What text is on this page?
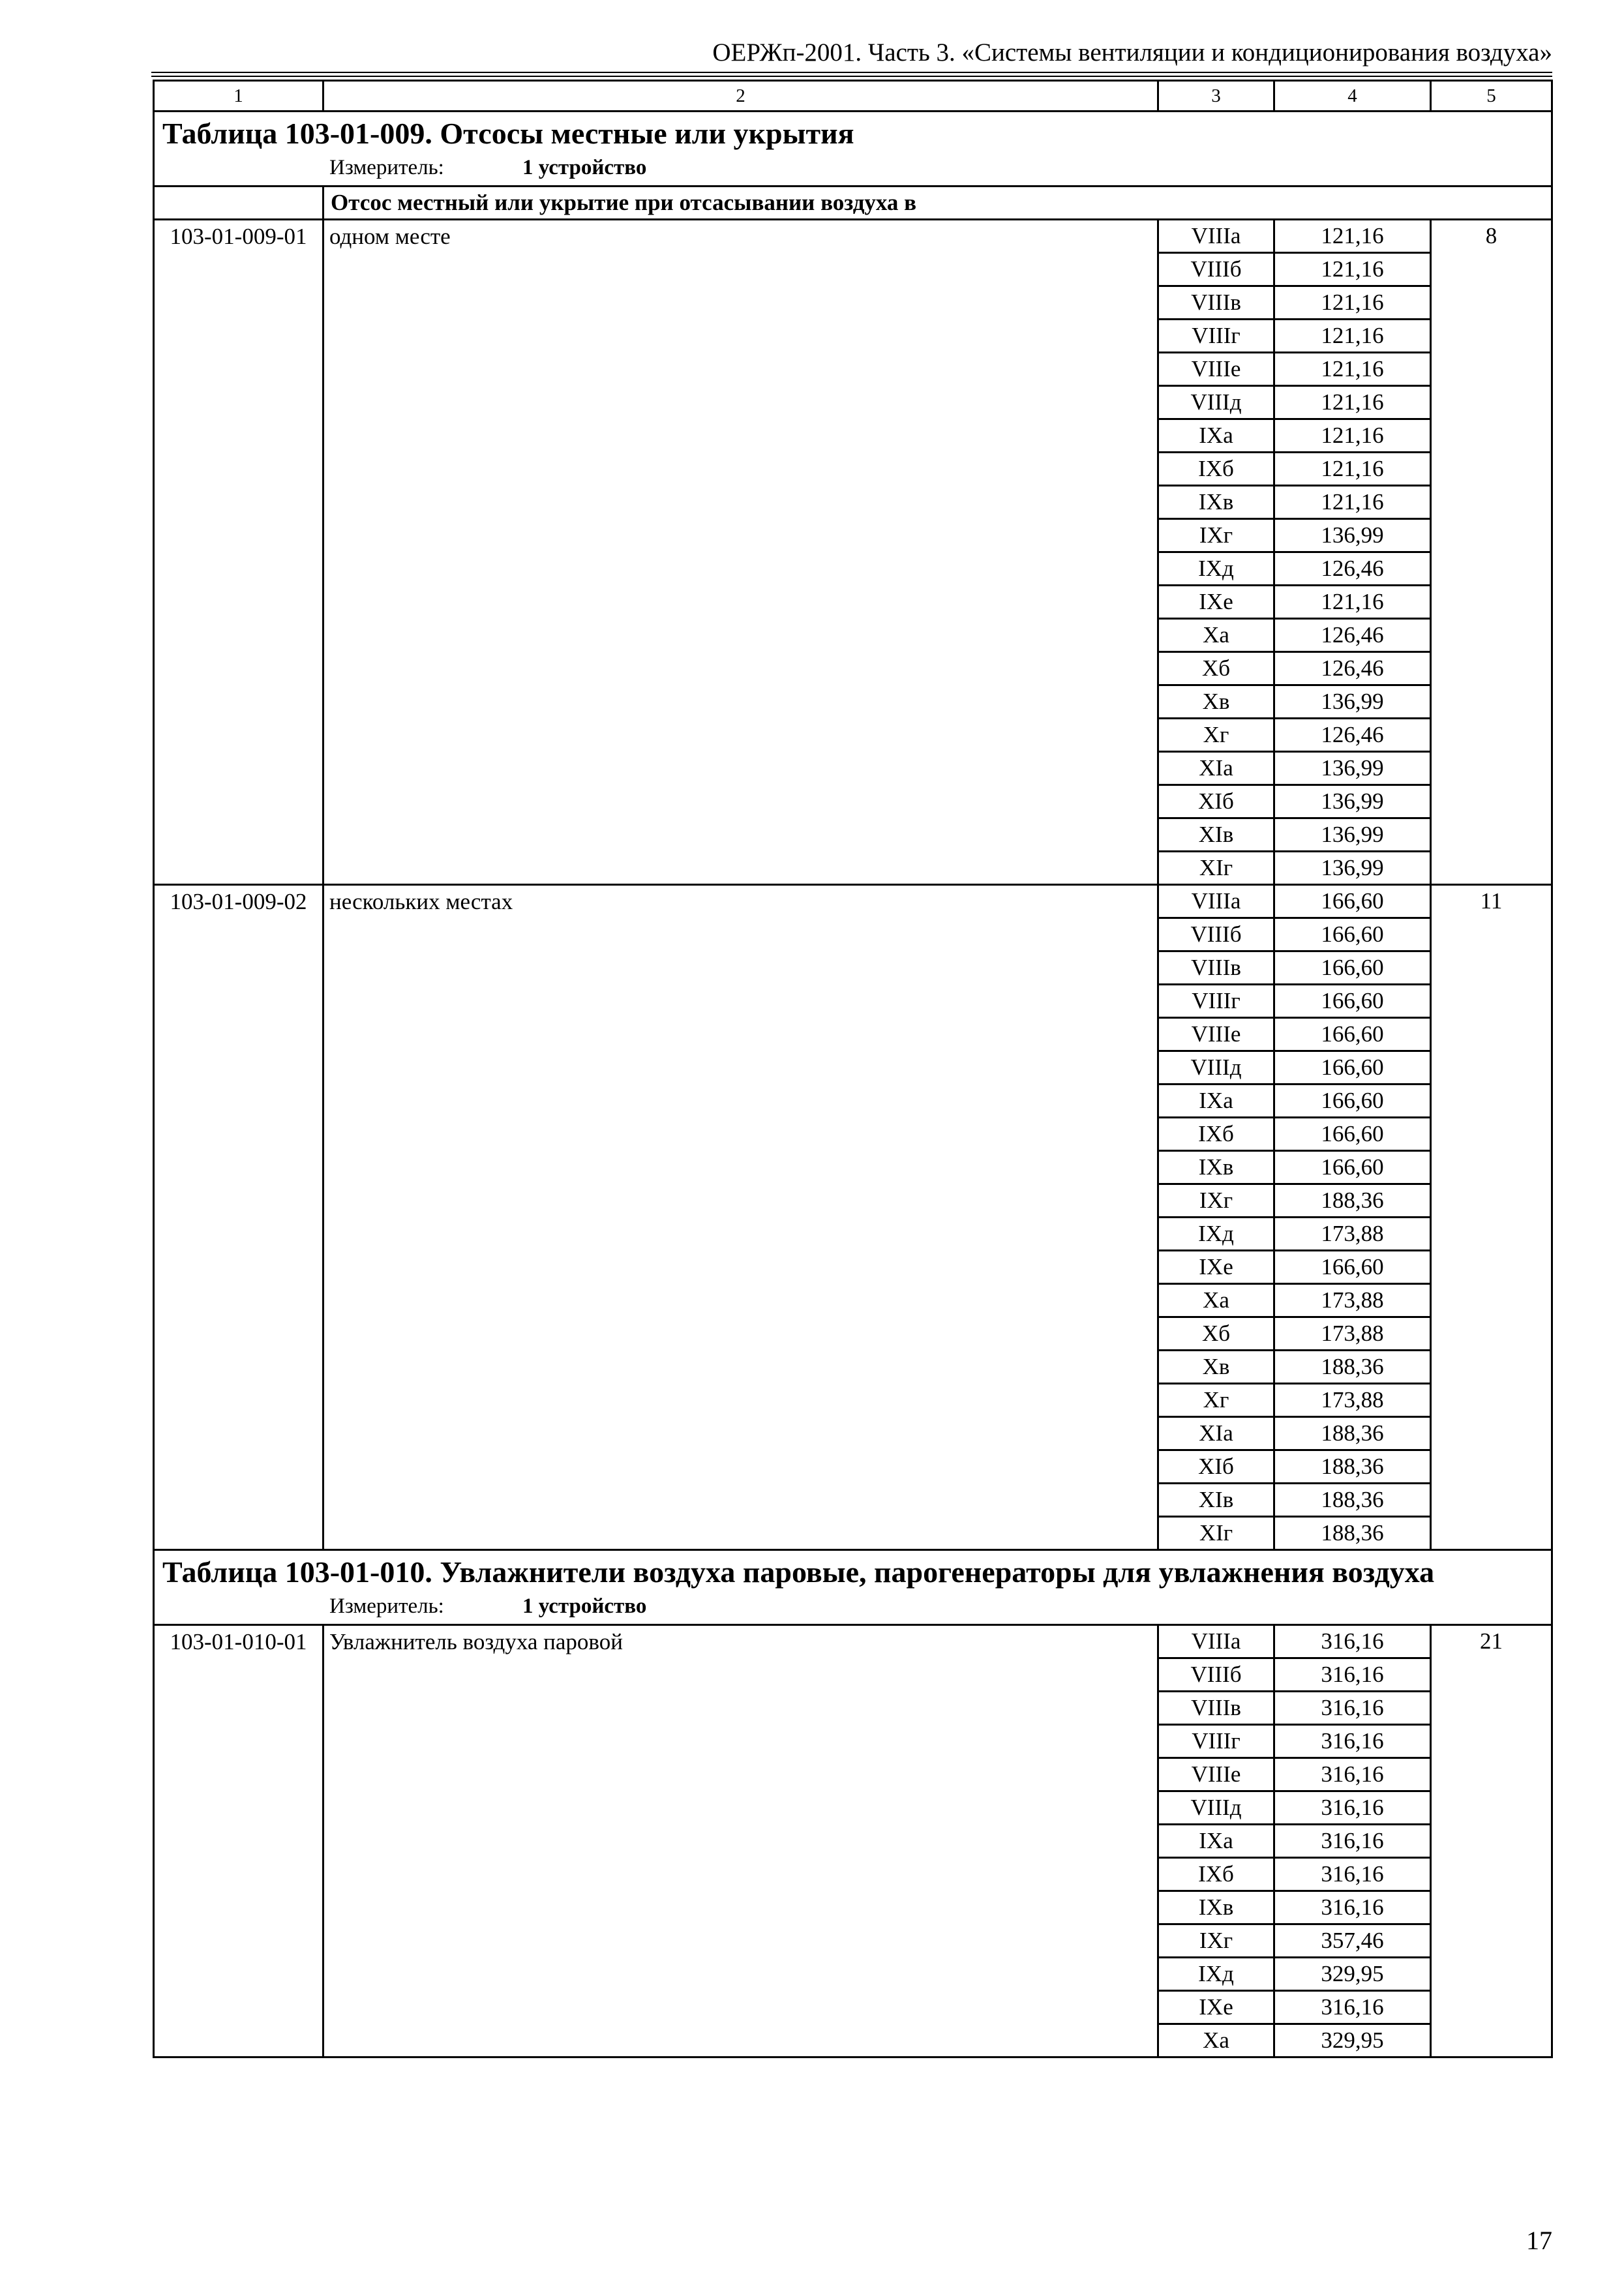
ОЕРЖп-2001. Часть 3. «Системы вентиляции и кондиционирования воздуха»
1	2	3	4	5

Таблица 103-01-009. Отсосы местные или укрытия
Измеритель: 1 устройство				

	Отсос местный или укрытие при отсасывании воздуха в			
103-01-009-01	одном месте	VIIIа	121,16	8
		VIIIб	121,16	
		VIIIв	121,16	
		VIIIг	121,16	
		VIIIе	121,16	
		VIIIд	121,16	
		IXа	121,16	
		IXб	121,16	
		IXв	121,16	
		IXг	136,99	
		IXд	126,46	
		IXе	121,16	
		Xа	126,46	
		Xб	126,46	
		Xв	136,99	
		Xг	126,46	
		XIа	136,99	
		XIб	136,99	
		XIв	136,99	
		XIг	136,99	
103-01-009-02	нескольких местах	VIIIа	166,60	11
		VIIIб	166,60	
		VIIIв	166,60	
		VIIIг	166,60	
		VIIIе	166,60	
		VIIIд	166,60	
		IXа	166,60	
		IXб	166,60	
		IXв	166,60	
		IXг	188,36	
		IXд	173,88	
		IXе	166,60	
		Xа	173,88	
		Xб	173,88	
		Xв	188,36	
		Xг	173,88	
		XIа	188,36	
		XIб	188,36	
		XIв	188,36	
		XIг	188,36	

Таблица 103-01-010. Увлажнители воздуха паровые, парогенераторы для увлажнения воздуха
Измеритель: 1 устройство				

103-01-010-01	Увлажнитель воздуха паровой	VIIIа	316,16	21
		VIIIб	316,16	
		VIIIв	316,16	
		VIIIг	316,16	
		VIIIе	316,16	
		VIIIд	316,16	
		IXа	316,16	
		IXб	316,16	
		IXв	316,16	
		IXг	357,46	
		IXд	329,95	
		IXе	316,16	
		Xа	329,95	
17
